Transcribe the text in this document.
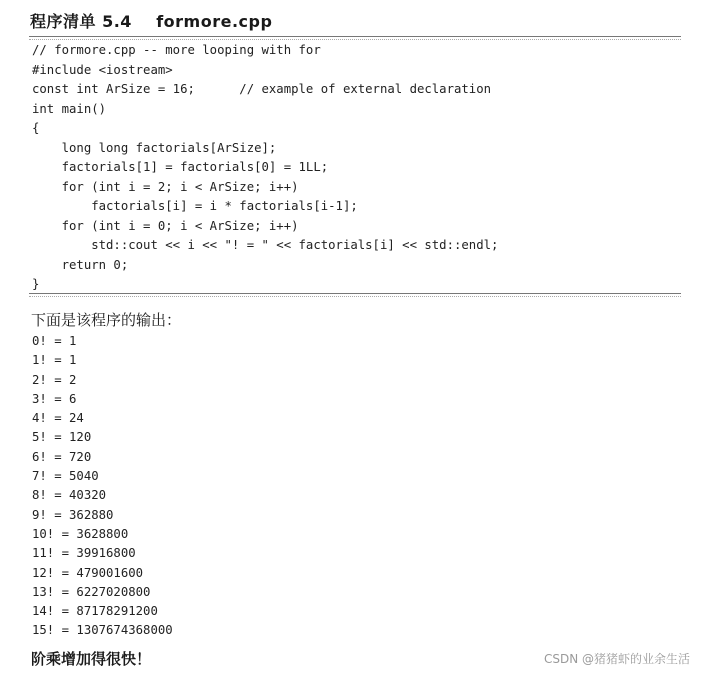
程序清单 5.4    formore.cpp
// formore.cpp -- more looping with for
#include <iostream>
const int ArSize = 16;      // example of external declaration
int main()
{
long long factorials[ArSize];
factorials[1] = factorials[0] = 1LL;
for (int i = 2; i < ArSize; i++)
factorials[i] = i * factorials[i-1];
for (int i = 0; i < ArSize; i++)
std::cout << i << "! = " << factorials[i] << std::endl;
return 0;
}
下面是该程序的输出：
0! = 1
1! = 1
2! = 2
3! = 6
4! = 24
5! = 120
6! = 720
7! = 5040
8! = 40320
9! = 362880
10! = 3628800
11! = 39916800
12! = 479001600
13! = 6227020800
14! = 87178291200
15! = 1307674368000
阶乘增加得很快！	CSDN @猪猪虾的业余生活
